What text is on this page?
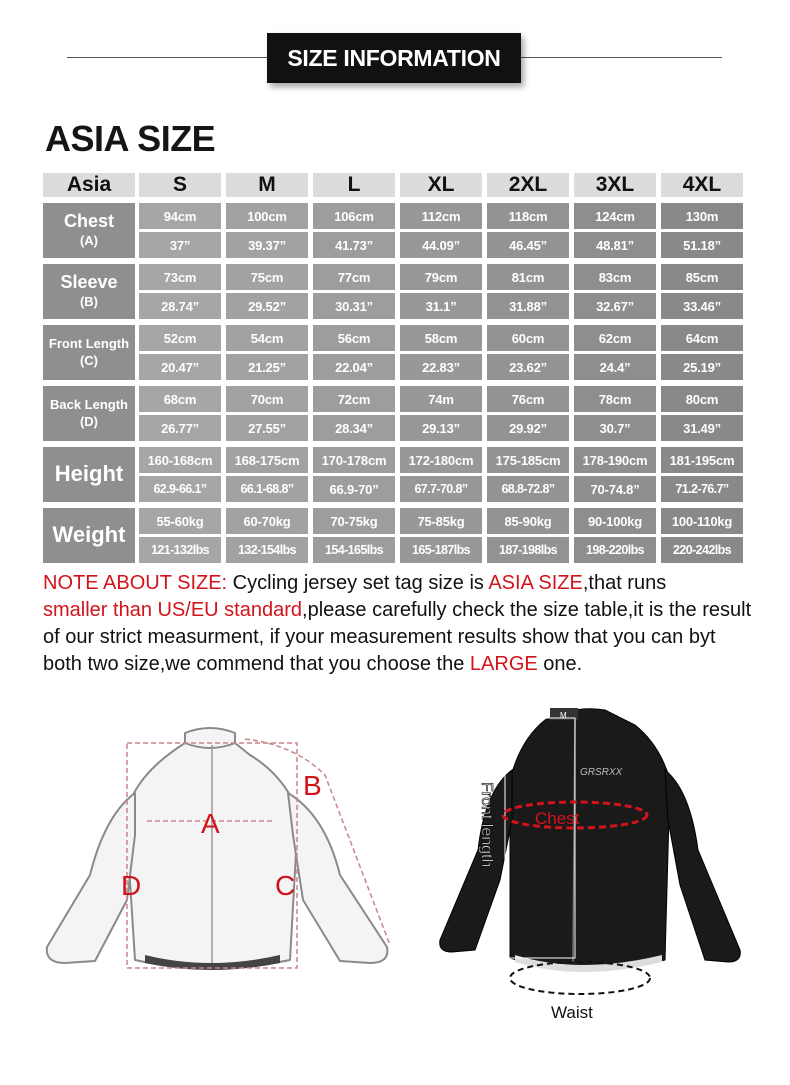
SIZE INFORMATION
ASIA SIZE
Asia	S	M	L	XL	2XL	3XL	4XL
Chest
(A)
94cm	100cm	106cm	112cm	118cm	124cm	130m
37”	39.37”	41.73”	44.09”	46.45”	48.81”	51.18”
Sleeve
(B)
73cm	75cm	77cm	79cm	81cm	83cm	85cm
28.74”	29.52”	30.31”	31.1”	31.88”	32.67”	33.46”
Front Length
(C)
52cm	54cm	56cm	58cm	60cm	62cm	64cm
20.47”	21.25”	22.04”	22.83”	23.62”	24.4”	25.19”
Back Length
(D)
68cm	70cm	72cm	74m	76cm	78cm	80cm
26.77”	27.55”	28.34”	29.13”	29.92”	30.7”	31.49”
Height
160-168cm	168-175cm	170-178cm	172-180cm	175-185cm	178-190cm	181-195cm
62.9-66.1”	66.1-68.8”	66.9-70”	67.7-70.8”	68.8-72.8”	70-74.8”	71.2-76.7”
Weight
55-60kg	60-70kg	70-75kg	75-85kg	85-90kg	90-100kg	100-110kg
121-132lbs	132-154lbs	154-165lbs	165-187lbs	187-198lbs	198-220lbs	220-242lbs
NOTE ABOUT SIZE: Cycling jersey set tag size is ASIA SIZE,that runs
smaller than US/EU standard,please carefully check the size table,it is the result of our strict measurment, if your measurement results show that you can byt both two size,we commend that you choose the LARGE one.
A
B
C
D
M
GRSRXX
Chest
Front length
Waist
